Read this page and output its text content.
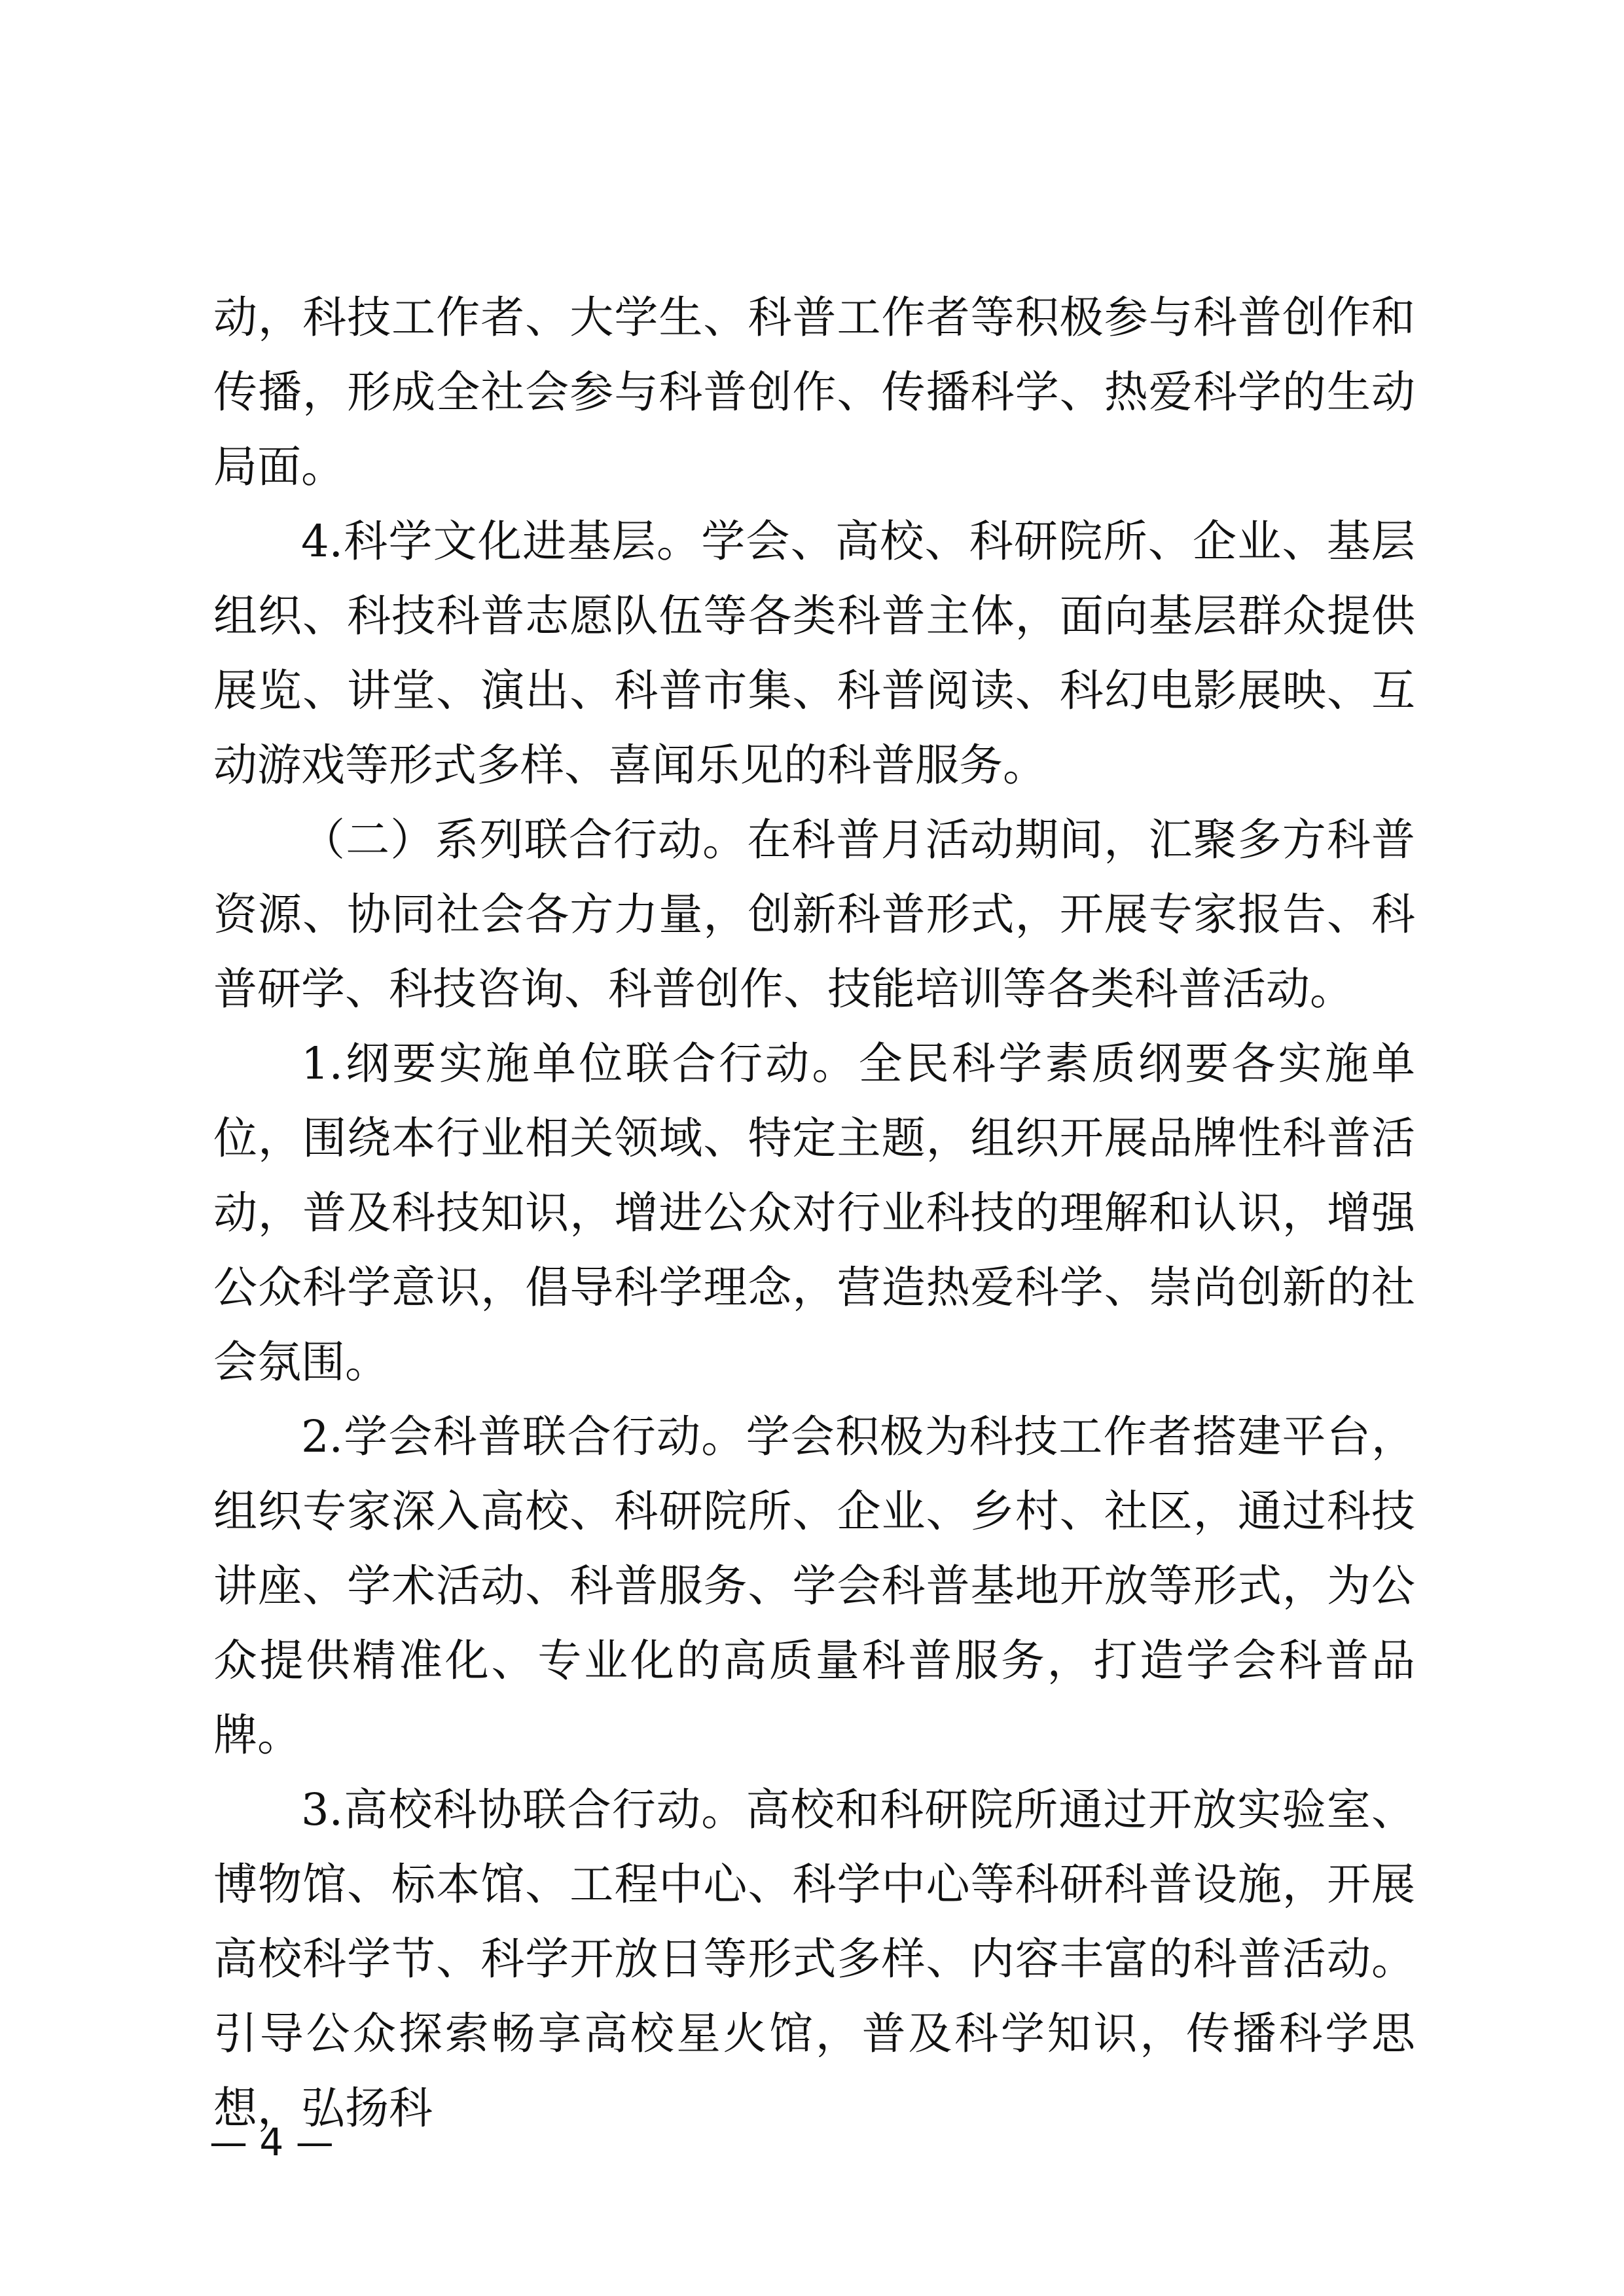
动，科技工作者、大学生、科普工作者等积极参与科普创作和传播，形成全社会参与科普创作、传播科学、热爱科学的生动局面。

4.科学文化进基层。学会、高校、科研院所、企业、基层组织、科技科普志愿队伍等各类科普主体，面向基层群众提供展览、讲堂、演出、科普市集、科普阅读、科幻电影展映、互动游戏等形式多样、喜闻乐见的科普服务。

（二）系列联合行动。在科普月活动期间，汇聚多方科普资源、协同社会各方力量，创新科普形式，开展专家报告、科普研学、科技咨询、科普创作、技能培训等各类科普活动。

1.纲要实施单位联合行动。全民科学素质纲要各实施单位，围绕本行业相关领域、特定主题，组织开展品牌性科普活动，普及科技知识，增进公众对行业科技的理解和认识，增强公众科学意识，倡导科学理念，营造热爱科学、崇尚创新的社会氛围。

2.学会科普联合行动。学会积极为科技工作者搭建平台，组织专家深入高校、科研院所、企业、乡村、社区，通过科技讲座、学术活动、科普服务、学会科普基地开放等形式，为公众提供精准化、专业化的高质量科普服务，打造学会科普品牌。

3.高校科协联合行动。高校和科研院所通过开放实验室、博物馆、标本馆、工程中心、科学中心等科研科普设施，开展高校科学节、科学开放日等形式多样、内容丰富的科普活动。引导公众探索畅享高校星火馆，普及科学知识，传播科学思想，弘扬科

— 4 —
